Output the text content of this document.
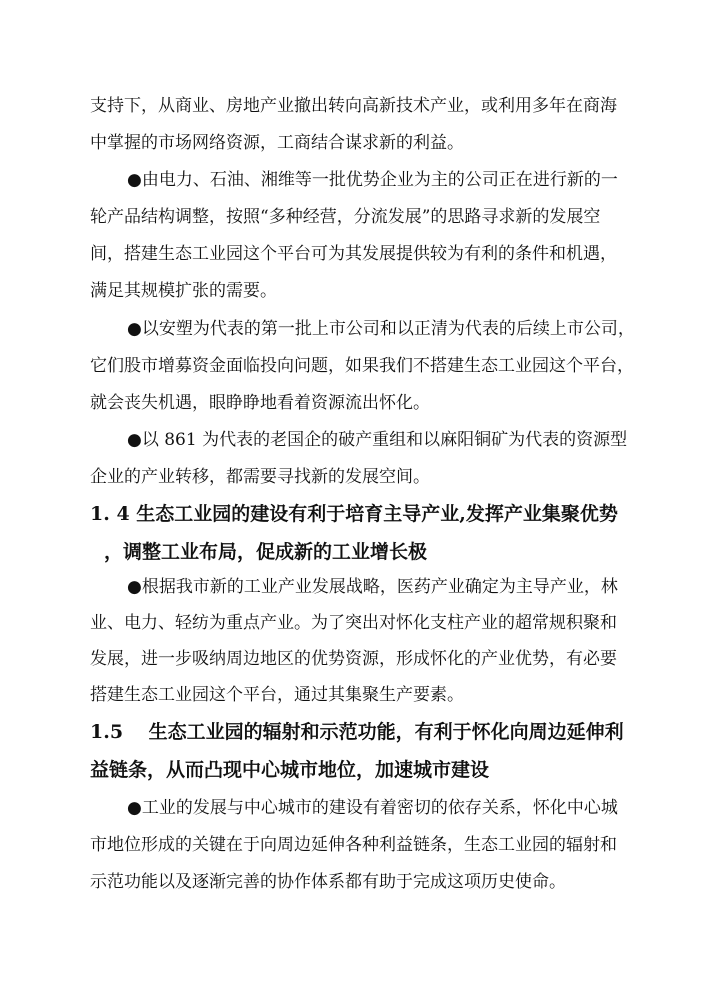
支持下，从商业、房地产业撤出转向高新技术产业，或利用多年在商海
中掌握的市场网络资源，工商结合谋求新的利益。
●由电力、石油、湘维等一批优势企业为主的公司正在进行新的一
轮产品结构调整，按照“多种经营，分流发展”的思路寻求新的发展空
间，搭建生态工业园这个平台可为其发展提供较为有利的条件和机遇，
满足其规模扩张的需要。
●以安塑为代表的第一批上市公司和以正清为代表的后续上市公司，
它们股市增募资金面临投向问题，如果我们不搭建生态工业园这个平台，
就会丧失机遇，眼睁睁地看着资源流出怀化。
●以 861 为代表的老国企的破产重组和以麻阳铜矿为代表的资源型
企业的产业转移，都需要寻找新的发展空间。
1. 4 生态工业园的建设有利于培育主导产业,发挥产业集聚优势
，调整工业布局，促成新的工业增长极
●根据我市新的工业产业发展战略，医药产业确定为主导产业，林
业、电力、轻纺为重点产业。为了突出对怀化支柱产业的超常规积聚和
发展，进一步吸纳周边地区的优势资源，形成怀化的产业优势，有必要
搭建生态工业园这个平台，通过其集聚生产要素。
1.5　 生态工业园的辐射和示范功能，有利于怀化向周边延伸利
益链条，从而凸现中心城市地位，加速城市建设
●工业的发展与中心城市的建设有着密切的依存关系，怀化中心城
市地位形成的关键在于向周边延伸各种利益链条，生态工业园的辐射和
示范功能以及逐渐完善的协作体系都有助于完成这项历史使命。
